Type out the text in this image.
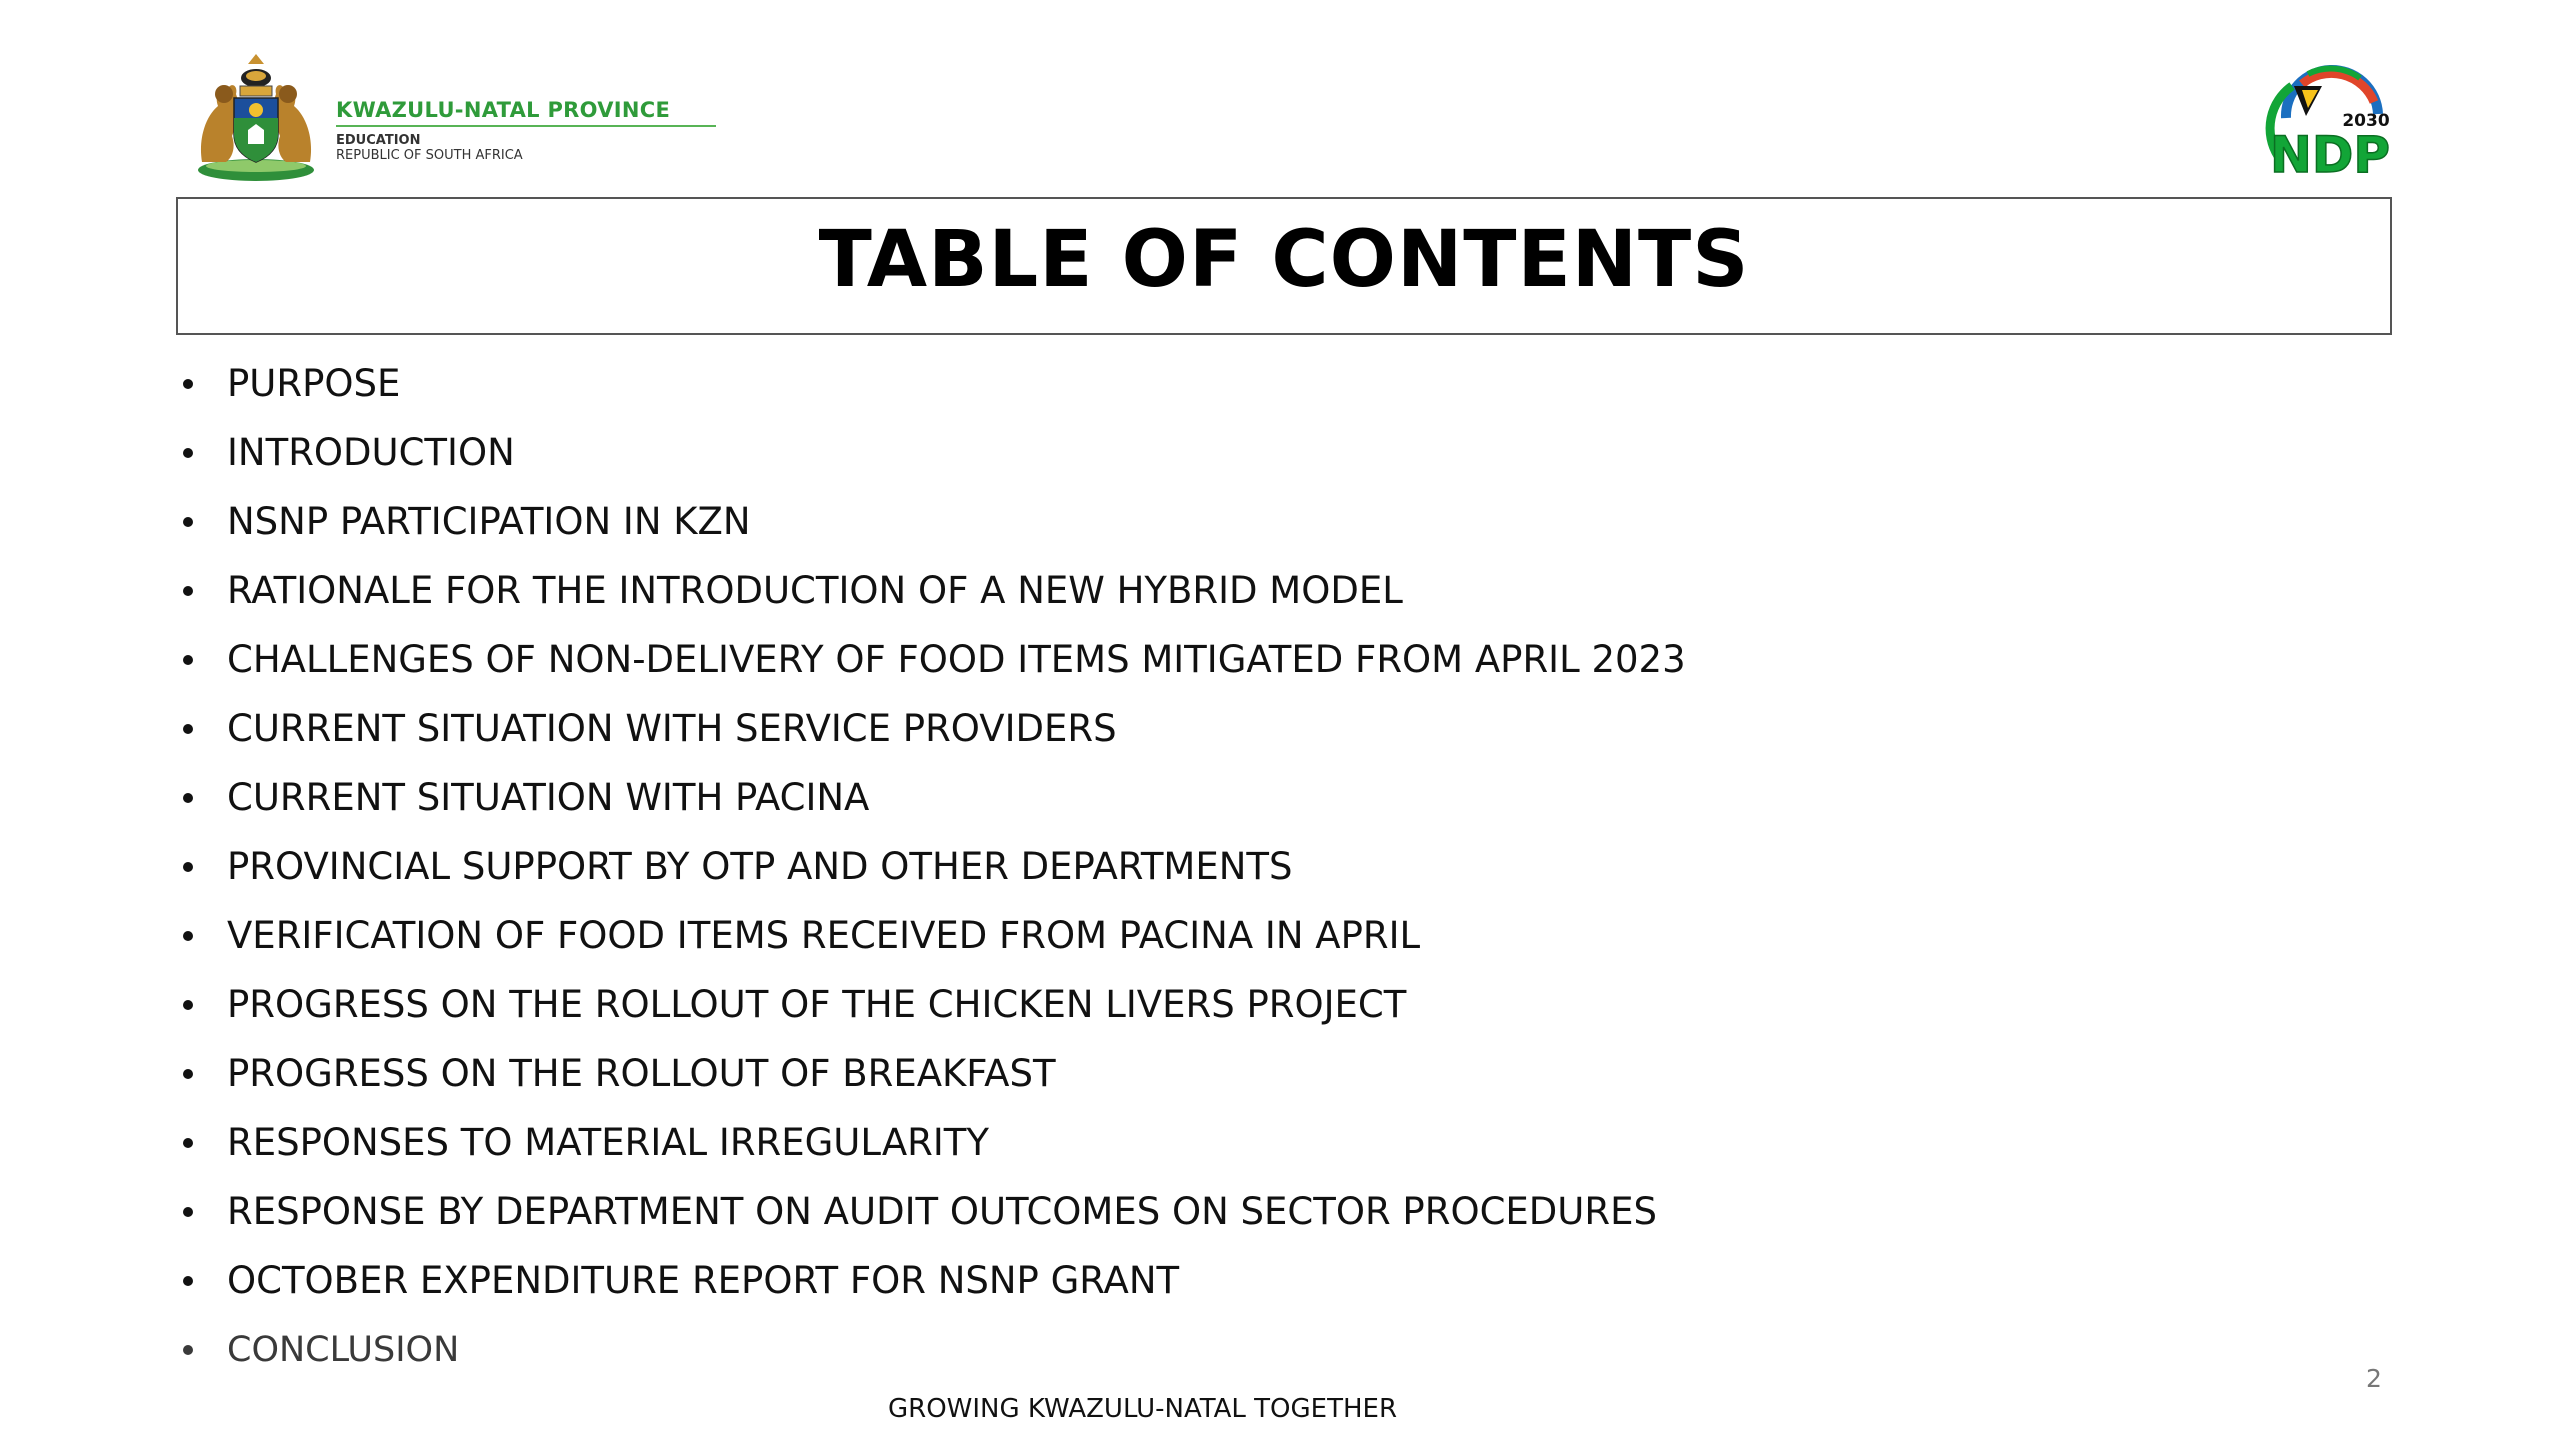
KWAZULU-NATAL PROVINCE
EDUCATION
REPUBLIC OF SOUTH AFRICA
2030
NDP
TABLE OF CONTENTS
PURPOSE
INTRODUCTION
NSNP PARTICIPATION IN KZN
RATIONALE FOR THE INTRODUCTION OF A NEW HYBRID MODEL
CHALLENGES OF NON-DELIVERY OF FOOD ITEMS MITIGATED FROM APRIL 2023
CURRENT SITUATION WITH SERVICE PROVIDERS
CURRENT SITUATION WITH PACINA
PROVINCIAL SUPPORT BY OTP AND OTHER DEPARTMENTS
VERIFICATION OF FOOD ITEMS RECEIVED FROM PACINA IN APRIL
PROGRESS ON THE ROLLOUT OF THE CHICKEN LIVERS PROJECT
PROGRESS ON THE ROLLOUT OF BREAKFAST
RESPONSES TO MATERIAL IRREGULARITY
RESPONSE BY DEPARTMENT ON AUDIT OUTCOMES ON SECTOR PROCEDURES
OCTOBER EXPENDITURE REPORT FOR NSNP GRANT
CONCLUSION
2
GROWING KWAZULU-NATAL TOGETHER
